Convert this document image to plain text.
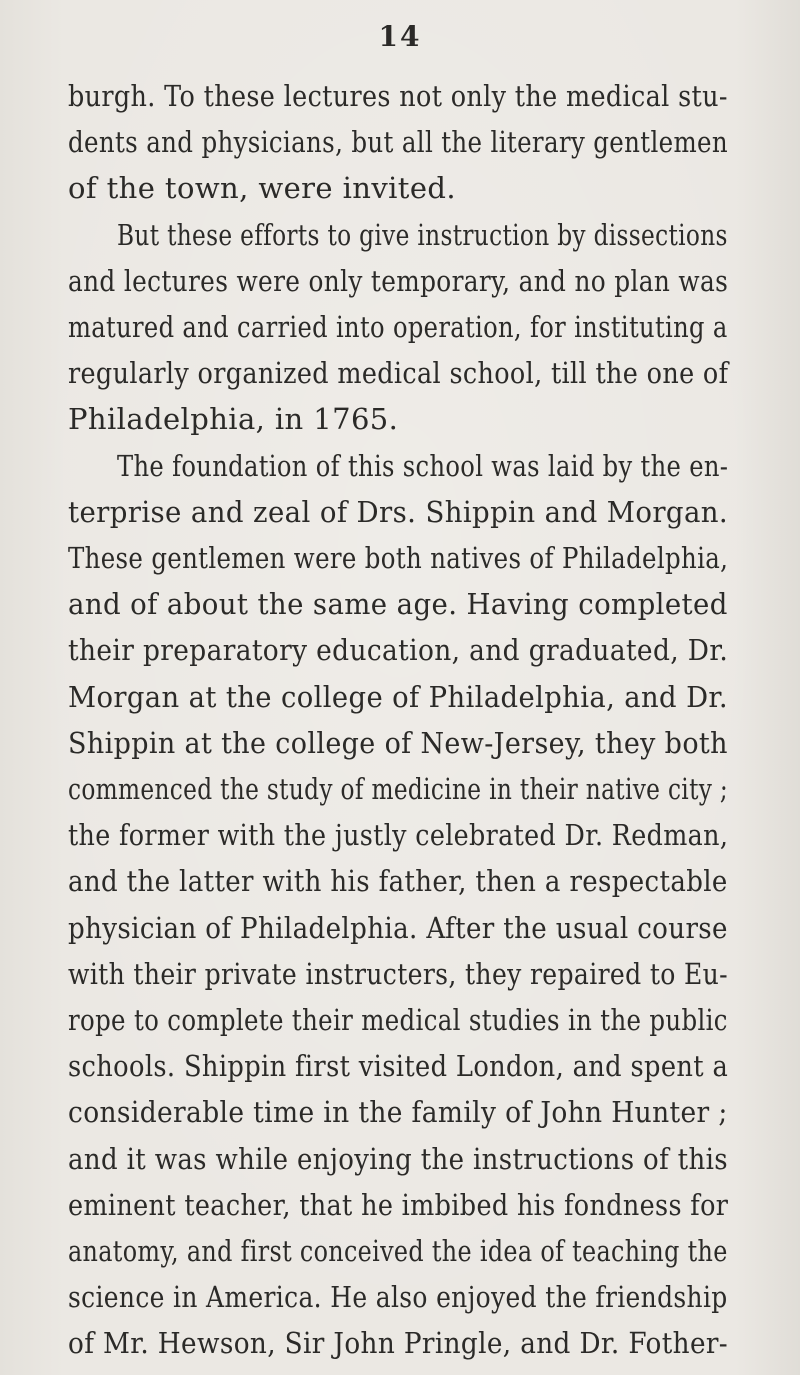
14
burgh. To these lectures not only the medical stu-
dents and physicians, but all the literary gentlemen
of the town, were invited.
But these efforts to give instruction by dissections
and lectures were only temporary, and no plan was
matured and carried into operation, for instituting a
regularly organized medical school, till the one of
Philadelphia, in 1765.
The foundation of this school was laid by the en-
terprise and zeal of Drs. Shippin and Morgan.
These gentlemen were both natives of Philadelphia,
and of about the same age. Having completed
their preparatory education, and graduated, Dr.
Morgan at the college of Philadelphia, and Dr.
Shippin at the college of New-Jersey, they both
commenced the study of medicine in their native city ;
the former with the justly celebrated Dr. Redman,
and the latter with his father, then a respectable
physician of Philadelphia. After the usual course
with their private instructers, they repaired to Eu-
rope to complete their medical studies in the public
schools. Shippin first visited London, and spent a
considerable time in the family of John Hunter ;
and it was while enjoying the instructions of this
eminent teacher, that he imbibed his fondness for
anatomy, and first conceived the idea of teaching the
science in America. He also enjoyed the friendship
of Mr. Hewson, Sir John Pringle, and Dr. Fother-
